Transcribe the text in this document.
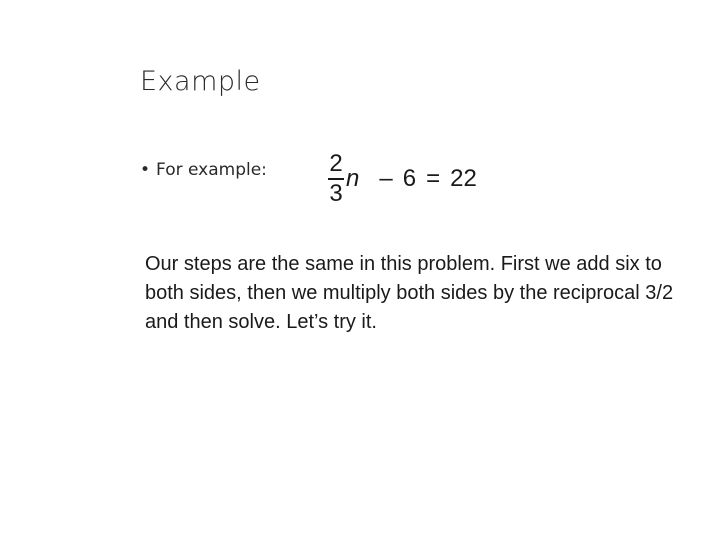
Example
• For example:	$\frac{2}{3}$ n – 6 = 22
Our steps are the same in this problem. First we add six to both sides, then we multiply both sides by the reciprocal 3/2 and then solve. Let’s try it.
